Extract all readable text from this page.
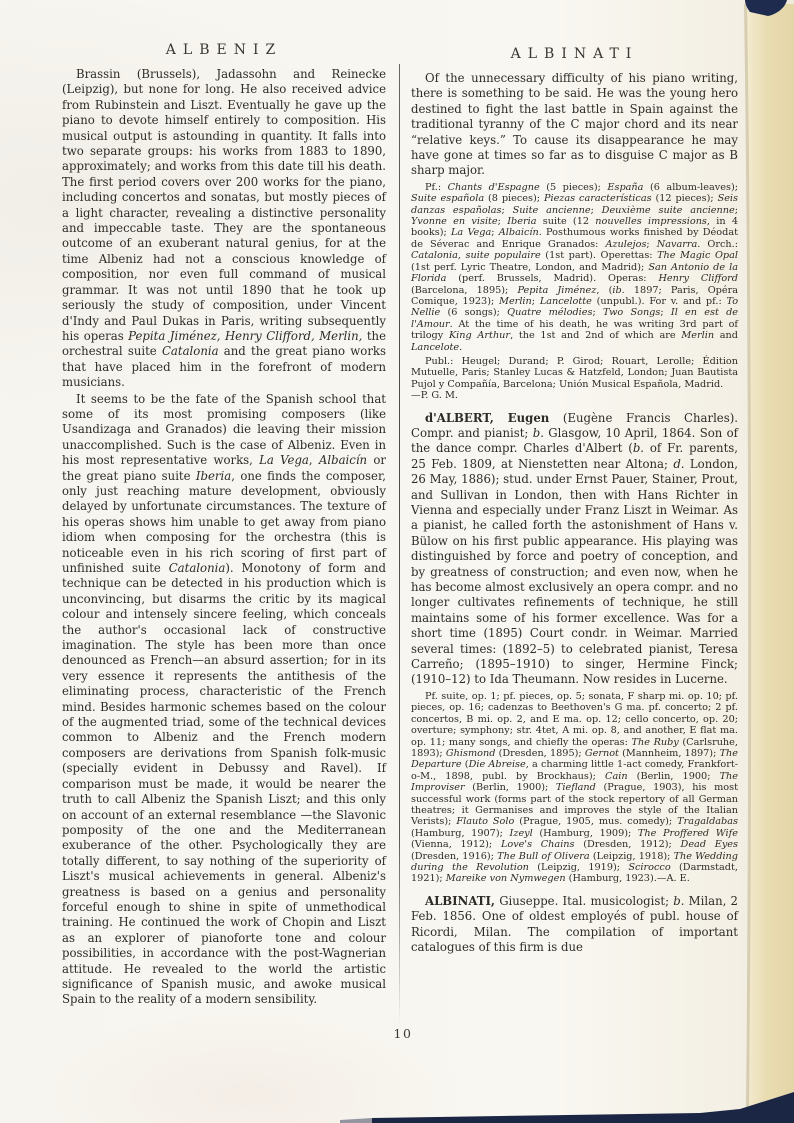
ALBENIZ	ALBINATI

Brassin (Brussels), Jadassohn and Reinecke (Leipzig), but none for long. He also received advice from Rubinstein and Liszt. Eventually he gave up the piano to devote himself entirely to composition. His musical output is astounding in quantity. It falls into two separate groups: his works from 1883 to 1890, approximately; and works from this date till his death. The first period covers over 200 works for the piano, including concertos and sonatas, but mostly pieces of a light character, revealing a distinctive personality and impeccable taste. They are the spontaneous outcome of an exuberant natural genius, for at the time Albeniz had not a conscious knowledge of composition, nor even full command of musical grammar. It was not until 1890 that he took up seriously the study of composition, under Vincent d'Indy and Paul Dukas in Paris, writing subsequently his operas Pepita Jiménez, Henry Clifford, Merlin, the orchestral suite Catalonia and the great piano works that have placed him in the forefront of modern musicians.

It seems to be the fate of the Spanish school that some of its most promising composers (like Usandizaga and Granados) die leaving their mission unaccomplished. Such is the case of Albeniz. Even in his most representative works, La Vega, Albaicín or the great piano suite Iberia, one finds the composer, only just reaching mature development, obviously delayed by unfortunate circumstances. The texture of his operas shows him unable to get away from piano idiom when composing for the orchestra (this is noticeable even in his rich scoring of first part of unfinished suite Catalonia). Monotony of form and technique can be detected in his production which is unconvincing, but disarms the critic by its magical colour and intensely sincere feeling, which conceals the author's occasional lack of constructive imagination. The style has been more than once denounced as French—an absurd assertion; for in its very essence it represents the antithesis of the eliminating process, characteristic of the French mind. Besides harmonic schemes based on the colour of the augmented triad, some of the technical devices common to Albeniz and the French modern composers are derivations from Spanish folk-music (specially evident in Debussy and Ravel). If comparison must be made, it would be nearer the truth to call Albeniz the Spanish Liszt; and this only on account of an external resemblance —the Slavonic pomposity of the one and the Mediterranean exuberance of the other. Psychologically they are totally different, to say nothing of the superiority of Liszt's musical achievements in general. Albeniz's greatness is based on a genius and personality forceful enough to shine in spite of unmethodical training. He continued the work of Chopin and Liszt as an explorer of pianoforte tone and colour possibilities, in accordance with the post-Wagnerian attitude. He revealed to the world the artistic significance of Spanish music, and awoke musical Spain to the reality of a modern sensibility.

Of the unnecessary difficulty of his piano writing, there is something to be said. He was the young hero destined to fight the last battle in Spain against the traditional tyranny of the C major chord and its near “relative keys.” To cause its disappearance he may have gone at times so far as to disguise C major as B sharp major.

Pf.: Chants d'Espagne (5 pieces); España (6 album-leaves); Suite española (8 pieces); Piezas características (12 pieces); Seis danzas españolas; Suite ancienne; Deuxième suite ancienne; Yvonne en visite; Iberia suite (12 nouvelles impressions, in 4 books); La Vega; Albaicín. Posthumous works finished by Déodat de Séverac and Enrique Granados: Azulejos; Navarra. Orch.: Catalonia, suite populaire (1st part). Operettas: The Magic Opal (1st perf. Lyric Theatre, London, and Madrid); San Antonio de la Florida (perf. Brussels, Madrid). Operas: Henry Clifford (Barcelona, 1895); Pepita Jiménez, (ib. 1897; Paris, Opéra Comique, 1923); Merlin; Lancelotte (unpubl.). For v. and pf.: To Nellie (6 songs); Quatre mélodies; Two Songs; Il en est de l'Amour. At the time of his death, he was writing 3rd part of trilogy King Arthur, the 1st and 2nd of which are Merlin and Lancelote.

Publ.: Heugel; Durand; P. Girod; Rouart, Lerolle; Édition Mutuelle, Paris; Stanley Lucas & Hatzfeld, London; Juan Bautista Pujol y Compañía, Barcelona; Unión Musical Española, Madrid.
—P. G. M.

d'ALBERT, Eugen (Eugène Francis Charles). Compr. and pianist; b. Glasgow, 10 April, 1864. Son of the dance compr. Charles d'Albert (b. of Fr. parents, 25 Feb. 1809, at Nienstetten near Altona; d. London, 26 May, 1886); stud. under Ernst Pauer, Stainer, Prout, and Sullivan in London, then with Hans Richter in Vienna and especially under Franz Liszt in Weimar. As a pianist, he called forth the astonishment of Hans v. Bülow on his first public appearance. His playing was distinguished by force and poetry of conception, and by greatness of construction; and even now, when he has become almost exclusively an opera compr. and no longer cultivates refinements of technique, he still maintains some of his former excellence. Was for a short time (1895) Court condr. in Weimar. Married several times: (1892–5) to celebrated pianist, Teresa Carreño; (1895–1910) to singer, Hermine Finck; (1910–12) to Ida Theumann. Now resides in Lucerne.

Pf. suite, op. 1; pf. pieces, op. 5; sonata, F sharp mi. op. 10; pf. pieces, op. 16; cadenzas to Beethoven's G ma. pf. concerto; 2 pf. concertos, B mi. op. 2, and E ma. op. 12; cello concerto, op. 20; overture; symphony; str. 4tet, A mi. op. 8, and another, E flat ma. op. 11; many songs, and chiefly the operas: The Ruby (Carlsruhe, 1893); Ghismond (Dresden, 1895); Gernot (Mannheim, 1897); The Departure (Die Abreise, a charming little 1-act comedy, Frankfort-o-M., 1898, publ. by Brockhaus); Cain (Berlin, 1900; The Improviser (Berlin, 1900); Tiefland (Prague, 1903), his most successful work (forms part of the stock repertory of all German theatres; it Germanises and improves the style of the Italian Verists); Flauto Solo (Prague, 1905, mus. comedy); Tragaldabas (Hamburg, 1907); Izeyl (Hamburg, 1909); The Proffered Wife (Vienna, 1912); Love's Chains (Dresden, 1912); Dead Eyes (Dresden, 1916); The Bull of Olivera (Leipzig, 1918); The Wedding during the Revolution (Leipzig, 1919); Scirocco (Darmstadt, 1921); Mareike von Nymwegen (Hamburg, 1923).—A. E.

ALBINATI, Giuseppe. Ital. musicologist; b. Milan, 2 Feb. 1856. One of oldest employés of publ. house of Ricordi, Milan. The compilation of important catalogues of this firm is due

10
